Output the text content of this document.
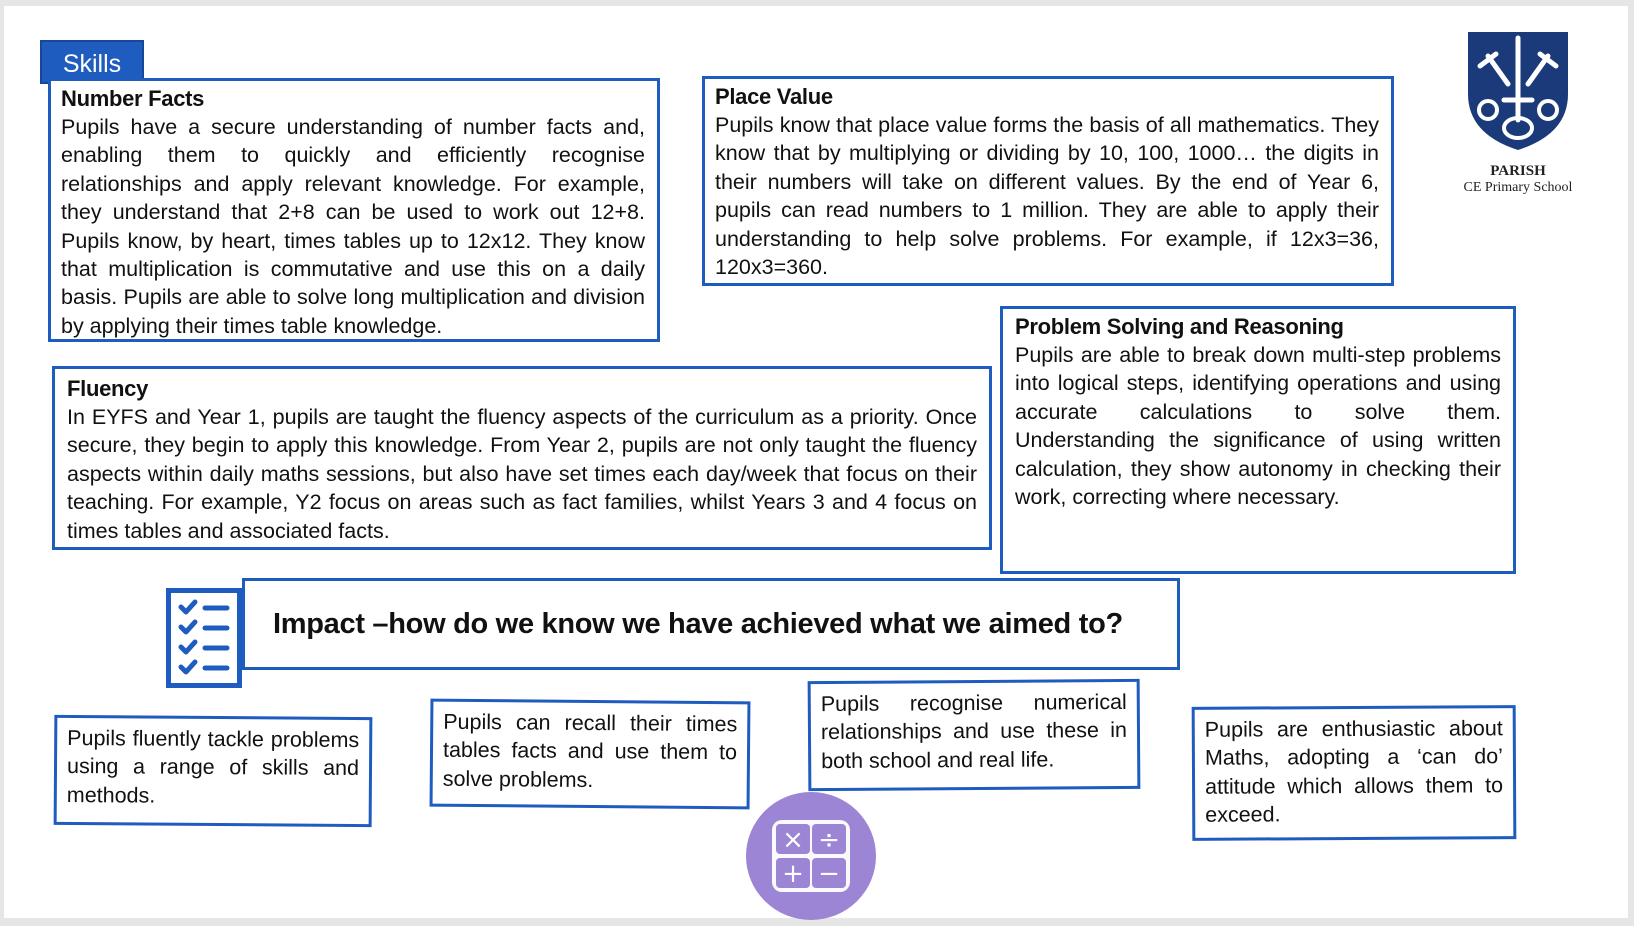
Skills
Number Facts
Pupils have a secure understanding of number facts and, enabling them to quickly and efficiently recognise relationships and apply relevant knowledge. For example, they understand that 2+8 can be used to work out 12+8. Pupils know, by heart, times tables up to 12x12. They know that multiplication is commutative and use this on a daily basis. Pupils are able to solve long multiplication and division by applying their times table knowledge.
Place Value
Pupils know that place value forms the basis of all mathematics. They know that by multiplying or dividing by 10, 100, 1000… the digits in their numbers will take on different values. By the end of Year 6, pupils can read numbers to 1 million. They are able to apply their understanding to help solve problems. For example, if 12x3=36, 120x3=360.
PARISH
CE Primary School
Fluency
In EYFS and Year 1, pupils are taught the fluency aspects of the curriculum as a priority. Once secure, they begin to apply this knowledge. From Year 2, pupils are not only taught the fluency aspects within daily maths sessions, but also have set times each day/week that focus on their teaching. For example, Y2 focus on areas such as fact families, whilst Years 3 and 4 focus on times tables and associated facts.
Problem Solving and Reasoning
Pupils are able to break down multi-step problems into logical steps, identifying operations and using accurate calculations to solve them. Understanding the significance of using written calculation, they show autonomy in checking their work, correcting where necessary.
Impact –how do we know we have achieved what we aimed to?
Pupils fluently tackle problems using a range of skills and methods.
Pupils can recall their times tables facts and use them to solve problems.
Pupils recognise numerical relationships and use these in both school and real life.
Pupils are enthusiastic about Maths, adopting a ‘can do’ attitude which allows them to exceed.
× ÷
+ −
